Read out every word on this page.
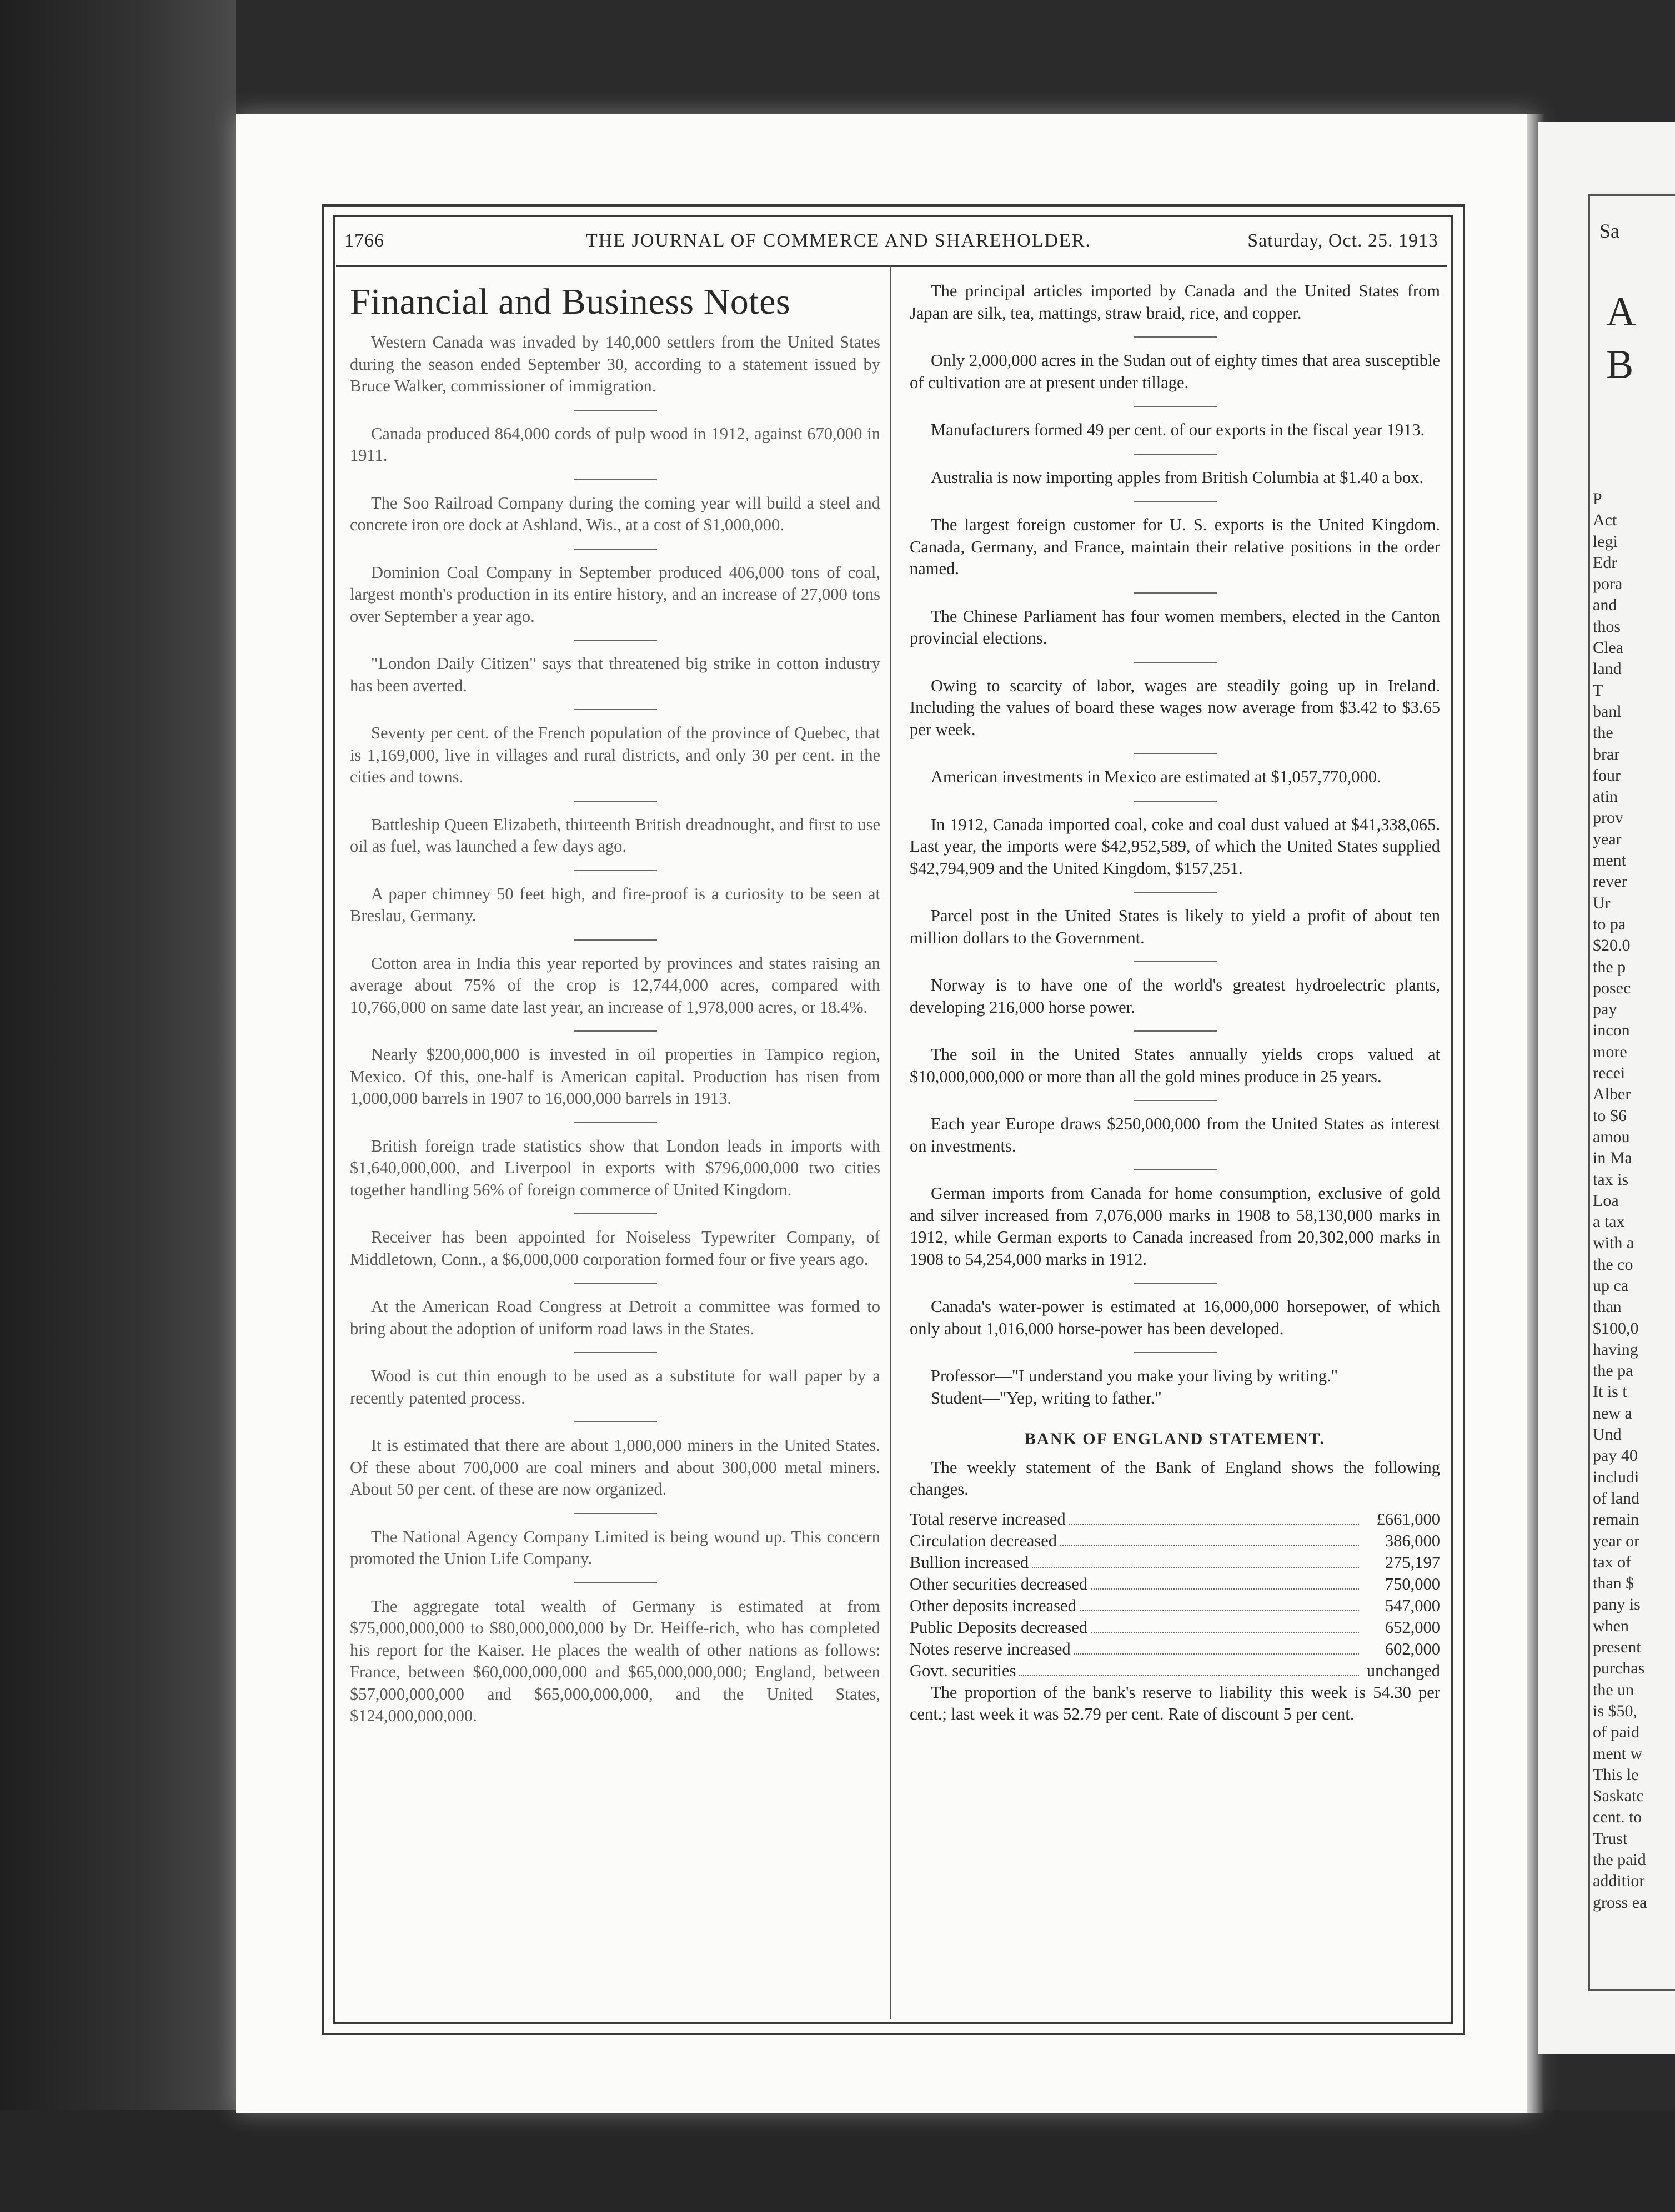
1766	THE JOURNAL OF COMMERCE AND SHAREHOLDER.	Saturday, Oct. 25. 1913
Financial and Business Notes

Western Canada was invaded by 140,000 settlers from the United States during the season ended September 30, according to a statement issued by Bruce Walker, commissioner of immigration.

Canada produced 864,000 cords of pulp wood in 1912, against 670,000 in 1911.

The Soo Railroad Company during the coming year will build a steel and concrete iron ore dock at Ashland, Wis., at a cost of $1,000,000.

Dominion Coal Company in September produced 406,000 tons of coal, largest month's production in its entire history, and an increase of 27,000 tons over September a year ago.

"London Daily Citizen" says that threatened big strike in cotton industry has been averted.

Seventy per cent. of the French population of the province of Quebec, that is 1,169,000, live in villages and rural districts, and only 30 per cent. in the cities and towns.

Battleship Queen Elizabeth, thirteenth British dreadnought, and first to use oil as fuel, was launched a few days ago.

A paper chimney 50 feet high, and fire-proof is a curiosity to be seen at Breslau, Germany.

Cotton area in India this year reported by provinces and states raising an average about 75% of the crop is 12,744,000 acres, compared with 10,766,000 on same date last year, an increase of 1,978,000 acres, or 18.4%.

Nearly $200,000,000 is invested in oil properties in Tampico region, Mexico. Of this, one-half is American capital. Production has risen from 1,000,000 barrels in 1907 to 16,000,000 barrels in 1913.

British foreign trade statistics show that London leads in imports with $1,640,000,000, and Liverpool in exports with $796,000,000 two cities together handling 56% of foreign commerce of United Kingdom.

Receiver has been appointed for Noiseless Typewriter Company, of Middletown, Conn., a $6,000,000 corporation formed four or five years ago.

At the American Road Congress at Detroit a committee was formed to bring about the adoption of uniform road laws in the States.

Wood is cut thin enough to be used as a substitute for wall paper by a recently patented process.

It is estimated that there are about 1,000,000 miners in the United States. Of these about 700,000 are coal miners and about 300,000 metal miners. About 50 per cent. of these are now organized.

The National Agency Company Limited is being wound up. This concern promoted the Union Life Company.

The aggregate total wealth of Germany is estimated at from $75,000,000,000 to $80,000,000,000 by Dr. Heiffe-rich, who has completed his report for the Kaiser. He places the wealth of other nations as follows: France, between $60,000,000,000 and $65,000,000,000; England, between $57,000,000,000 and $65,000,000,000, and the United States, $124,000,000,000.

The principal articles imported by Canada and the United States from Japan are silk, tea, mattings, straw braid, rice, and copper.

Only 2,000,000 acres in the Sudan out of eighty times that area susceptible of cultivation are at present under tillage.

Manufacturers formed 49 per cent. of our exports in the fiscal year 1913.

Australia is now importing apples from British Columbia at $1.40 a box.

The largest foreign customer for U. S. exports is the United Kingdom. Canada, Germany, and France, maintain their relative positions in the order named.

The Chinese Parliament has four women members, elected in the Canton provincial elections.

Owing to scarcity of labor, wages are steadily going up in Ireland. Including the values of board these wages now average from $3.42 to $3.65 per week.

American investments in Mexico are estimated at $1,057,770,000.

In 1912, Canada imported coal, coke and coal dust valued at $41,338,065. Last year, the imports were $42,952,589, of which the United States supplied $42,794,909 and the United Kingdom, $157,251.

Parcel post in the United States is likely to yield a profit of about ten million dollars to the Government.

Norway is to have one of the world's greatest hydroelectric plants, developing 216,000 horse power.

The soil in the United States annually yields crops valued at $10,000,000,000 or more than all the gold mines produce in 25 years.

Each year Europe draws $250,000,000 from the United States as interest on investments.

German imports from Canada for home consumption, exclusive of gold and silver increased from 7,076,000 marks in 1908 to 58,130,000 marks in 1912, while German exports to Canada increased from 20,302,000 marks in 1908 to 54,254,000 marks in 1912.

Canada's water-power is estimated at 16,000,000 horsepower, of which only about 1,016,000 horse-power has been developed.

Professor—"I understand you make your living by writing."

Student—"Yep, writing to father."

BANK OF ENGLAND STATEMENT.

The weekly statement of the Bank of England shows the following changes.

Total reserve increased	£661,000
Circulation decreased	386,000
Bullion increased	275,197
Other securities decreased	750,000
Other deposits increased	547,000
Public Deposits decreased	652,000
Notes reserve increased	602,000
Govt. securities	unchanged

The proportion of the bank's reserve to liability this week is 54.30 per cent.; last week it was 52.79 per cent. Rate of discount 5 per cent.

Sa
A
B
P
Act
legi
Edr
pora
and
thos
Clea
land
T
banl
the
brar
four
atin
prov
year
ment
rever
Ur
to pa
$20.0
the p
posec
pay
incon
more
recei
Alber
to $6
amou
in Ma
tax is
Loa
a tax
with a
the co
up ca
than
$100,0
having
the pa
It is t
new a
Und
pay 40
includi
of land
remain
year or
tax of
than $
pany is
when
present
purchas
the un
is $50,
of paid
ment w
This le
Saskatc
cent. to
Trust
the paid
additior
gross ea
